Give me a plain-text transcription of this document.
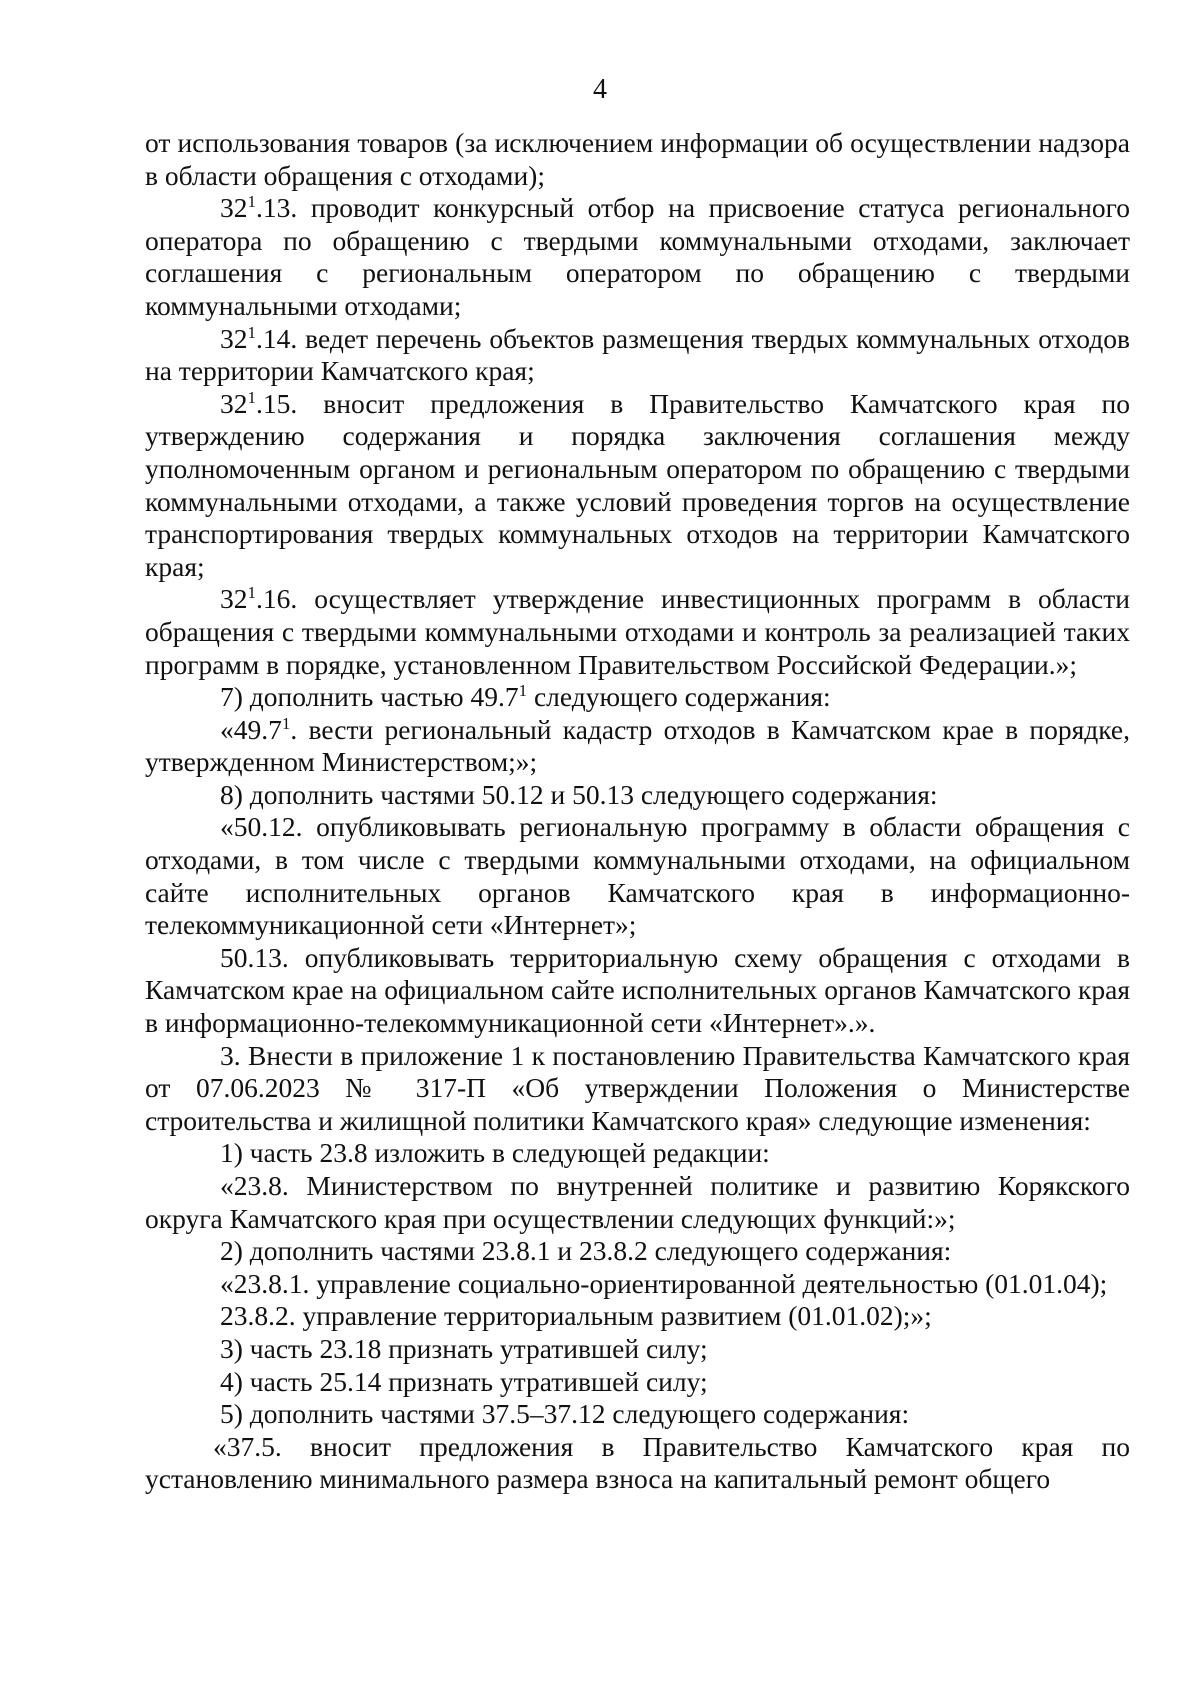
4

от использования товаров (за исключением информации об осуществлении надзора в области обращения с отходами);

$32^1.13$. проводит конкурсный отбор на присвоение статуса регионального оператора по обращению с твердыми коммунальными отходами, заключает соглашения с региональным оператором по обращению с твердыми коммунальными отходами;

$32^1.14$. ведет перечень объектов размещения твердых коммунальных отходов на территории Камчатского края;

$32^1.15$. вносит предложения в Правительство Камчатского края по утверждению содержания и порядка заключения соглашения между уполномоченным органом и региональным оператором по обращению с твердыми коммунальными отходами, а также условий проведения торгов на осуществление транспортирования твердых коммунальных отходов на территории Камчатского края;

$32^1.16$. осуществляет утверждение инвестиционных программ в области обращения с твердыми коммунальными отходами и контроль за реализацией таких программ в порядке, установленном Правительством Российской Федерации.»;

7) дополнить частью 49.7$^1$ следующего содержания:

«49.7$^1$. вести региональный кадастр отходов в Камчатском крае в порядке, утвержденном Министерством;»;

8) дополнить частями 50.12 и 50.13 следующего содержания:

«50.12. опубликовывать региональную программу в области обращения с отходами, в том числе с твердыми коммунальными отходами, на официальном сайте исполнительных органов Камчатского края в информационно-телекоммуникационной сети «Интернет»;

50.13. опубликовывать территориальную схему обращения с отходами в Камчатском крае на официальном сайте исполнительных органов Камчатского края в информационно-телекоммуникационной сети «Интернет».».

3. Внести в приложение 1 к постановлению Правительства Камчатского края от 07.06.2023 № 317-П «Об утверждении Положения о Министерстве строительства и жилищной политики Камчатского края» следующие изменения:

1) часть 23.8 изложить в следующей редакции:

«23.8. Министерством по внутренней политике и развитию Корякского округа Камчатского края при осуществлении следующих функций:»;

2) дополнить частями 23.8.1 и 23.8.2 следующего содержания:

«23.8.1. управление социально-ориентированной деятельностью (01.01.04);

23.8.2. управление территориальным развитием (01.01.02);»;

3) часть 23.18 признать утратившей силу;

4) часть 25.14 признать утратившей силу;

5) дополнить частями 37.5–37.12 следующего содержания:

«37.5. вносит предложения в Правительство Камчатского края по установлению минимального размера взноса на капитальный ремонт общего
